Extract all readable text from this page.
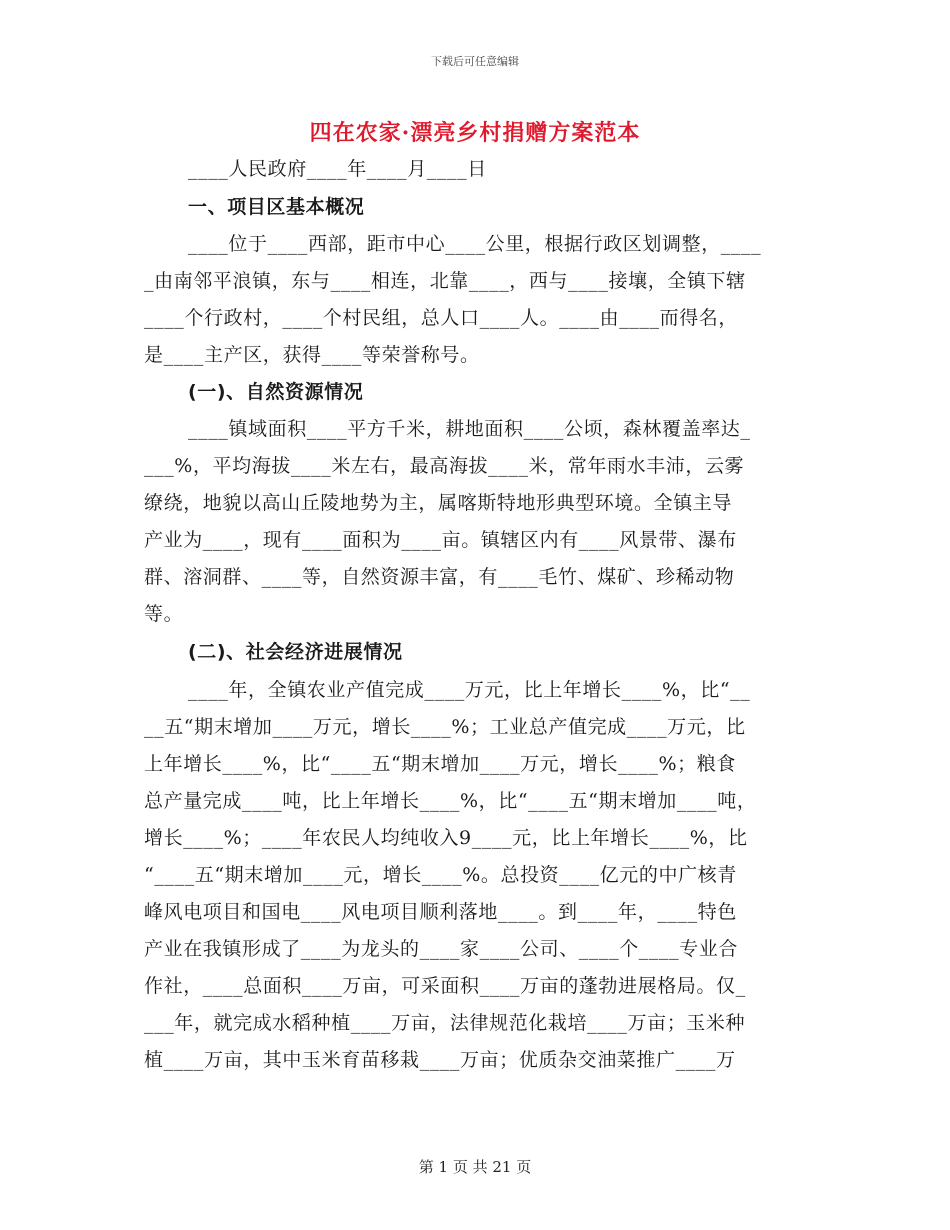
下载后可任意编辑
四在农家·漂亮乡村捐赠方案范本
____人民政府____年____月____日
一、项目区基本概况
____位于____西部，距市中心____公里，根据行政区划调整，____
_由南邻平浪镇，东与____相连，北靠____，西与____接壤，全镇下辖
____个行政村，____个村民组，总人口____人。____由____而得名，
是____主产区，获得____等荣誉称号。
(一)、自然资源情况
____镇域面积____平方千米，耕地面积____公顷，森林覆盖率达_
___%，平均海拔____米左右，最高海拔____米，常年雨水丰沛，云雾
缭绕，地貌以高山丘陵地势为主，属喀斯特地形典型环境。全镇主导
产业为____，现有____面积为____亩。镇辖区内有____风景带、瀑布
群、溶洞群、____等，自然资源丰富，有____毛竹、煤矿、珍稀动物
等。
(二)、社会经济进展情况
____年，全镇农业产值完成____万元，比上年增长____%，比“__
__五“期末增加____万元，增长____%；工业总产值完成____万元，比
上年增长____%，比“____五“期末增加____万元，增长____%；粮食
总产量完成____吨，比上年增长____%，比“____五“期末增加____吨，
增长____%；____年农民人均纯收入9____元，比上年增长____%，比
“____五“期末增加____元，增长____%。总投资____亿元的中广核青
峰风电项目和国电____风电项目顺利落地____。到____年，____特色
产业在我镇形成了____为龙头的____家____公司、____个____专业合
作社，____总面积____万亩，可采面积____万亩的蓬勃进展格局。仅_
___年，就完成水稻种植____万亩，法律规范化栽培____万亩；玉米种
植____万亩，其中玉米育苗移栽____万亩；优质杂交油菜推广____万
第 1 页 共 21 页
